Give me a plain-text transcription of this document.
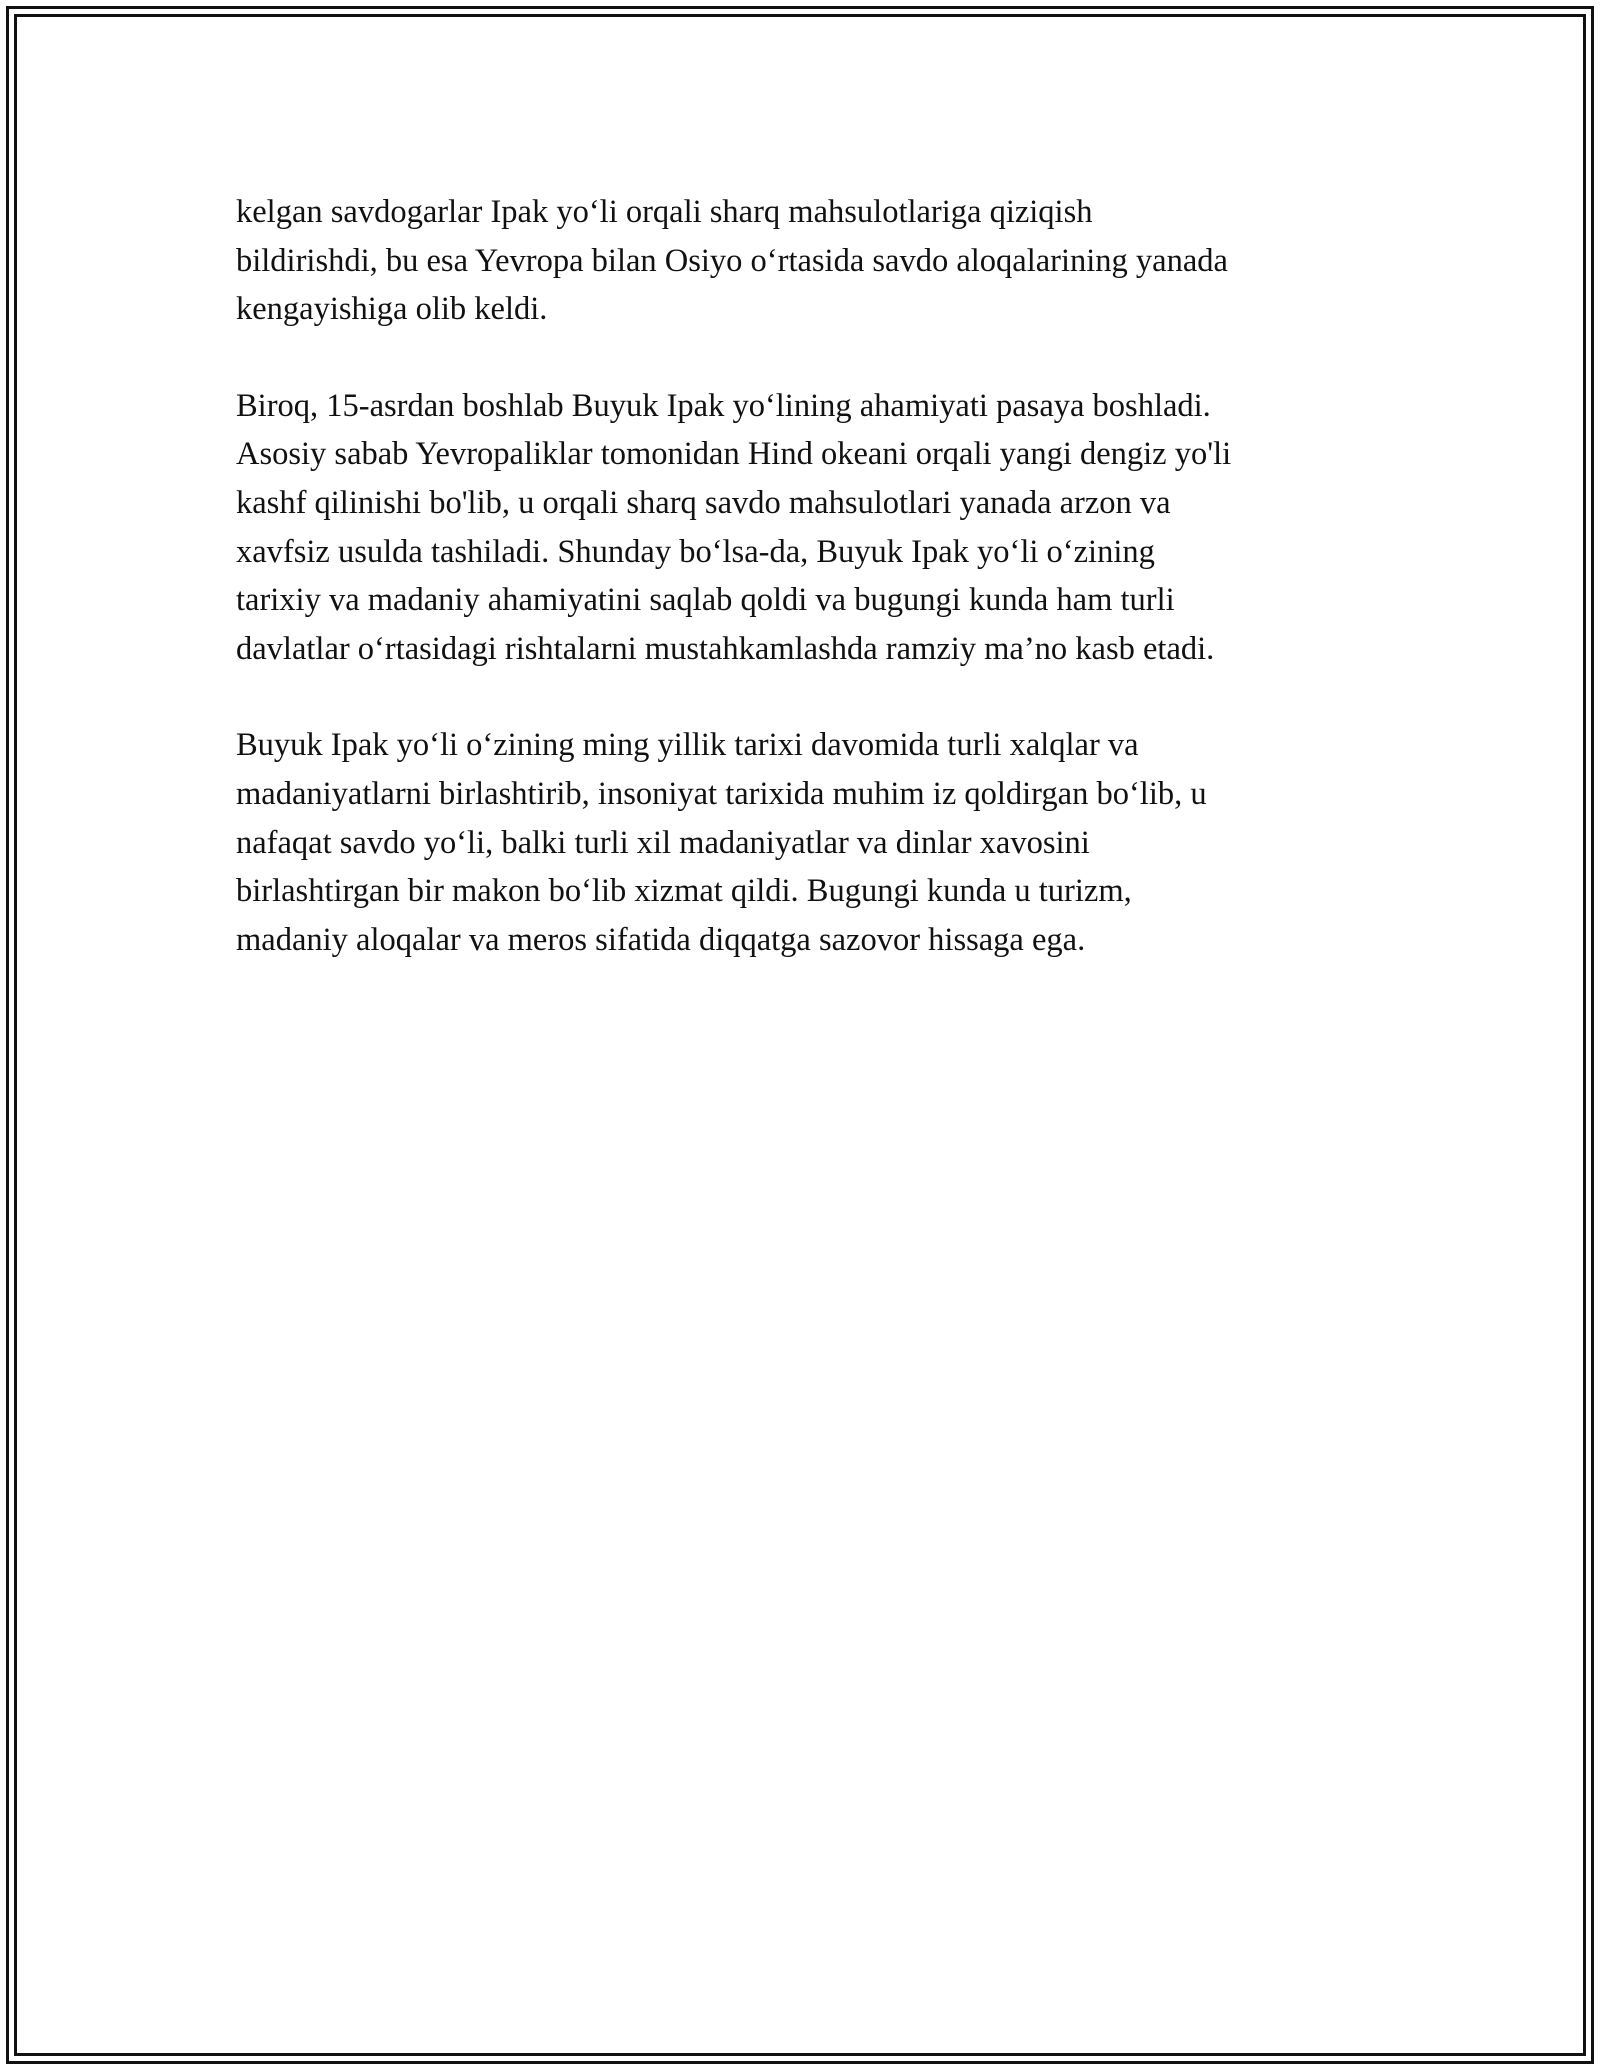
kelgan savdogarlar Ipak yoʻli orqali sharq mahsulotlariga qiziqish
bildirishdi, bu esa Yevropa bilan Osiyo oʻrtasida savdo aloqalarining yanada
kengayishiga olib keldi.

Biroq, 15-asrdan boshlab Buyuk Ipak yoʻlining ahamiyati pasaya boshladi.
Asosiy sabab Yevropaliklar tomonidan Hind okeani orqali yangi dengiz yo'li
kashf qilinishi bo'lib, u orqali sharq savdo mahsulotlari yanada arzon va
xavfsiz usulda tashiladi. Shunday boʻlsa-da, Buyuk Ipak yoʻli oʻzining
tarixiy va madaniy ahamiyatini saqlab qoldi va bugungi kunda ham turli
davlatlar oʻrtasidagi rishtalarni mustahkamlashda ramziy ma’no kasb etadi.

Buyuk Ipak yoʻli oʻzining ming yillik tarixi davomida turli xalqlar va
madaniyatlarni birlashtirib, insoniyat tarixida muhim iz qoldirgan boʻlib, u
nafaqat savdo yoʻli, balki turli xil madaniyatlar va dinlar xavosini
birlashtirgan bir makon boʻlib xizmat qildi. Bugungi kunda u turizm,
madaniy aloqalar va meros sifatida diqqatga sazovor hissaga ega.
